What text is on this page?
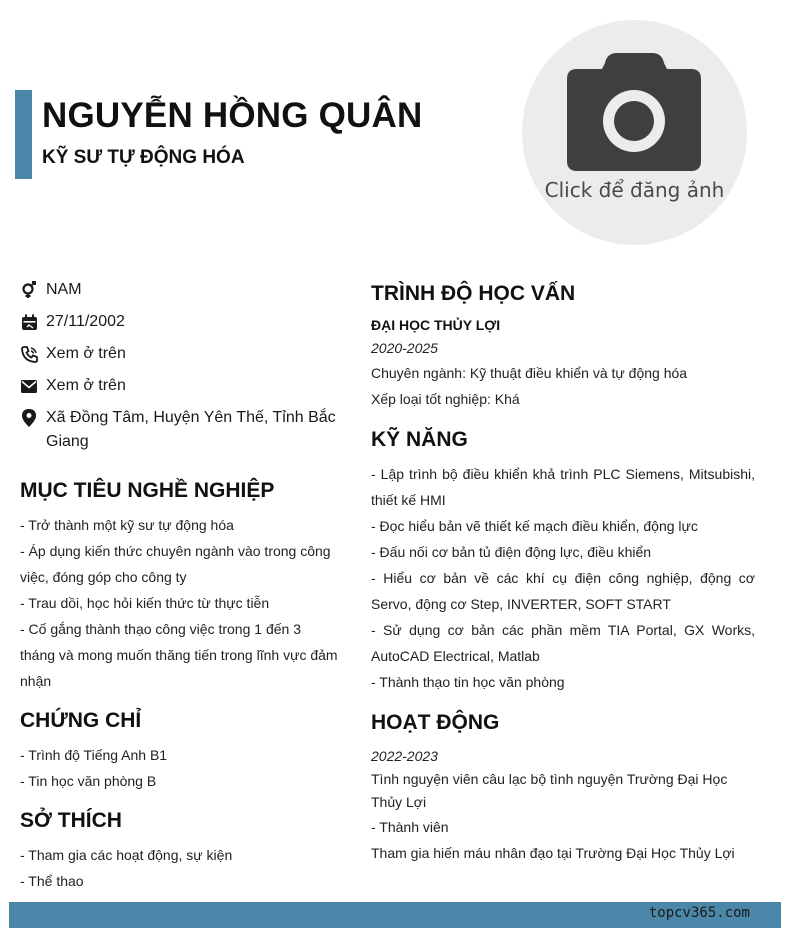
NGUYỄN HỒNG QUÂN
KỸ SƯ TỰ ĐỘNG HÓA
Click để đăng ảnh
NAM
27/11/2002
Xem ở trên
Xem ở trên
Xã Đồng Tâm, Huyện Yên Thế, Tỉnh Bắc Giang
MỤC TIÊU NGHỀ NGHIỆP
- Trở thành một kỹ sư tự động hóa
- Áp dụng kiến thức chuyên ngành vào trong công việc, đóng góp cho công ty
- Trau dồi, học hỏi kiến thức từ thực tiễn
- Cố gắng thành thạo công việc trong 1 đến 3 tháng và mong muốn thăng tiến trong lĩnh vực đảm nhận
CHỨNG CHỈ
- Trình độ Tiếng Anh B1
- Tin học văn phòng B
SỞ THÍCH
- Tham gia các hoạt động, sự kiện
- Thể thao
TRÌNH ĐỘ HỌC VẤN
ĐẠI HỌC THỦY LỢI
2020-2025
Chuyên ngành: Kỹ thuật điều khiển và tự động hóa
Xếp loại tốt nghiệp: Khá
KỸ NĂNG
- Lập trình bộ điều khiển khả trình PLC Siemens, Mitsubishi, thiết kế HMI
- Đọc hiểu bản vẽ thiết kế mạch điều khiển, động lực
- Đấu nối cơ bản tủ điện động lực, điều khiển
- Hiểu cơ bản về các khí cụ điện công nghiệp, động cơ Servo, động cơ Step, INVERTER, SOFT START
- Sử dụng cơ bản các phần mềm TIA Portal, GX Works, AutoCAD Electrical, Matlab
- Thành thạo tin học văn phòng
HOẠT ĐỘNG
2022-2023
Tình nguyện viên câu lạc bộ tình nguyện Trường Đại Học Thủy Lợi
- Thành viên
Tham gia hiến máu nhân đạo tại Trường Đại Học Thủy Lợi
topcv365.com
